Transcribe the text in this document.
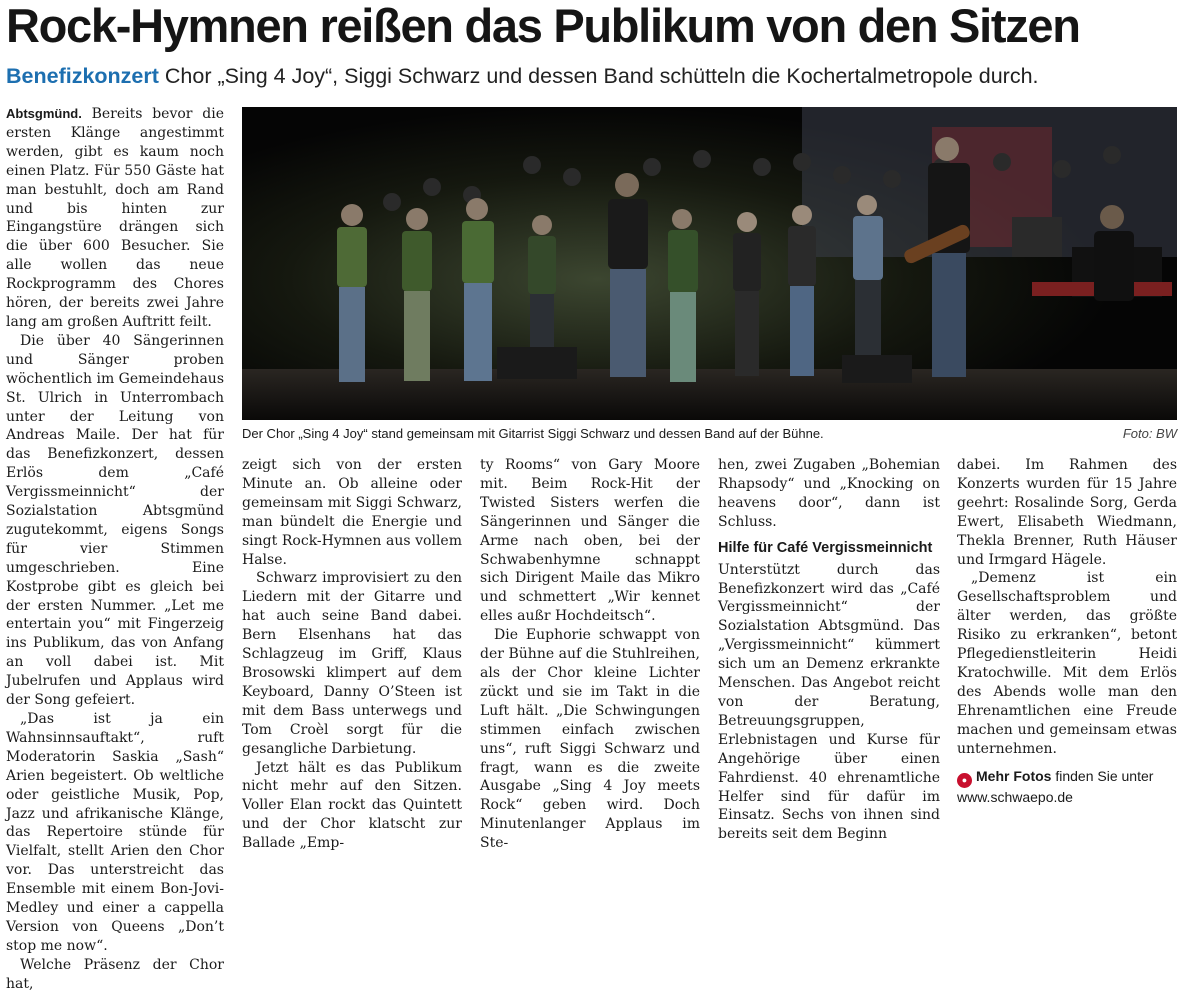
Rock-Hymnen reißen das Publikum von den Sitzen
Benefizkonzert Chor „Sing 4 Joy“, Siggi Schwarz und dessen Band schütteln die Kochertalmetropole durch.

Abtsgmünd. Bereits bevor die ersten Klänge angestimmt werden, gibt es kaum noch einen Platz. Für 550 Gäste hat man bestuhlt, doch am Rand und bis hinten zur Eingangstüre drängen sich die über 600 Besucher. Sie alle wollen das neue Rockprogramm des Chores hören, der bereits zwei Jahre lang am großen Auftritt feilt.

Die über 40 Sängerinnen und Sänger proben wöchentlich im Gemeindehaus St. Ulrich in Unterrombach unter der Leitung von Andreas Maile. Der hat für das Benefizkonzert, dessen Erlös dem „Café Vergissmeinnicht“ der Sozialstation Abtsgmünd zugutekommt, eigens Songs für vier Stimmen umgeschrieben. Eine Kostprobe gibt es gleich bei der ersten Nummer. „Let me entertain you“ mit Fingerzeig ins Publikum, das von Anfang an voll dabei ist. Mit Jubelrufen und Applaus wird der Song gefeiert.

„Das ist ja ein Wahnsinnsauftakt“, ruft Moderatorin Saskia „Sash“ Arien begeistert. Ob weltliche oder geistliche Musik, Pop, Jazz und afrikanische Klänge, das Repertoire stünde für Vielfalt, stellt Arien den Chor vor. Das unterstreicht das Ensemble mit einem Bon-Jovi-Medley und einer a cappella Version von Queens „Don’t stop me now“.

Welche Präsenz der Chor hat,

Der Chor „Sing 4 Joy“ stand gemeinsam mit Gitarrist Siggi Schwarz und dessen Band auf der Bühne.	Foto: BW

zeigt sich von der ersten Minute an. Ob alleine oder gemeinsam mit Siggi Schwarz, man bündelt die Energie und singt Rock-Hymnen aus vollem Halse.

Schwarz improvisiert zu den Liedern mit der Gitarre und hat auch seine Band dabei. Bern Elsenhans hat das Schlagzeug im Griff, Klaus Brosowski klimpert auf dem Keyboard, Danny O’Steen ist mit dem Bass unterwegs und Tom Croèl sorgt für die gesangliche Darbietung.

Jetzt hält es das Publikum nicht mehr auf den Sitzen. Voller Elan rockt das Quintett und der Chor klatscht zur Ballade „Emp-

ty Rooms“ von Gary Moore mit. Beim Rock-Hit der Twisted Sisters werfen die Sängerinnen und Sänger die Arme nach oben, bei der Schwabenhymne schnappt sich Dirigent Maile das Mikro und schmettert „Wir kennet elles außr Hochdeitsch“.

Die Euphorie schwappt von der Bühne auf die Stuhlreihen, als der Chor kleine Lichter zückt und sie im Takt in die Luft hält. „Die Schwingungen stimmen einfach zwischen uns“, ruft Siggi Schwarz und fragt, wann es die zweite Ausgabe „Sing 4 Joy meets Rock“ geben wird. Doch Minutenlanger Applaus im Ste-

hen, zwei Zugaben „Bohemian Rhapsody“ und „Knocking on heavens door“, dann ist Schluss.

Hilfe für Café Vergissmeinnicht

Unterstützt durch das Benefizkonzert wird das „Café Vergissmeinnicht“ der Sozialstation Abtsgmünd. Das „Vergissmeinnicht“ kümmert sich um an Demenz erkrankte Menschen. Das Angebot reicht von der Beratung, Betreuungsgruppen, Erlebnistagen und Kurse für Angehörige über einen Fahrdienst. 40 ehrenamtliche Helfer sind für dafür im Einsatz. Sechs von ihnen sind bereits seit dem Beginn

dabei. Im Rahmen des Konzerts wurden für 15 Jahre geehrt: Rosalinde Sorg, Gerda Ewert, Elisabeth Wiedmann, Thekla Brenner, Ruth Häuser und Irmgard Hägele.

„Demenz ist ein Gesellschaftsproblem und älter werden, das größte Risiko zu erkranken“, betont Pflegedienstleiterin Heidi Kratochwille. Mit dem Erlös des Abends wolle man den Ehrenamtlichen eine Freude machen und gemeinsam etwas unternehmen.

● Mehr Fotos finden Sie unter
www.schwaepo.de
